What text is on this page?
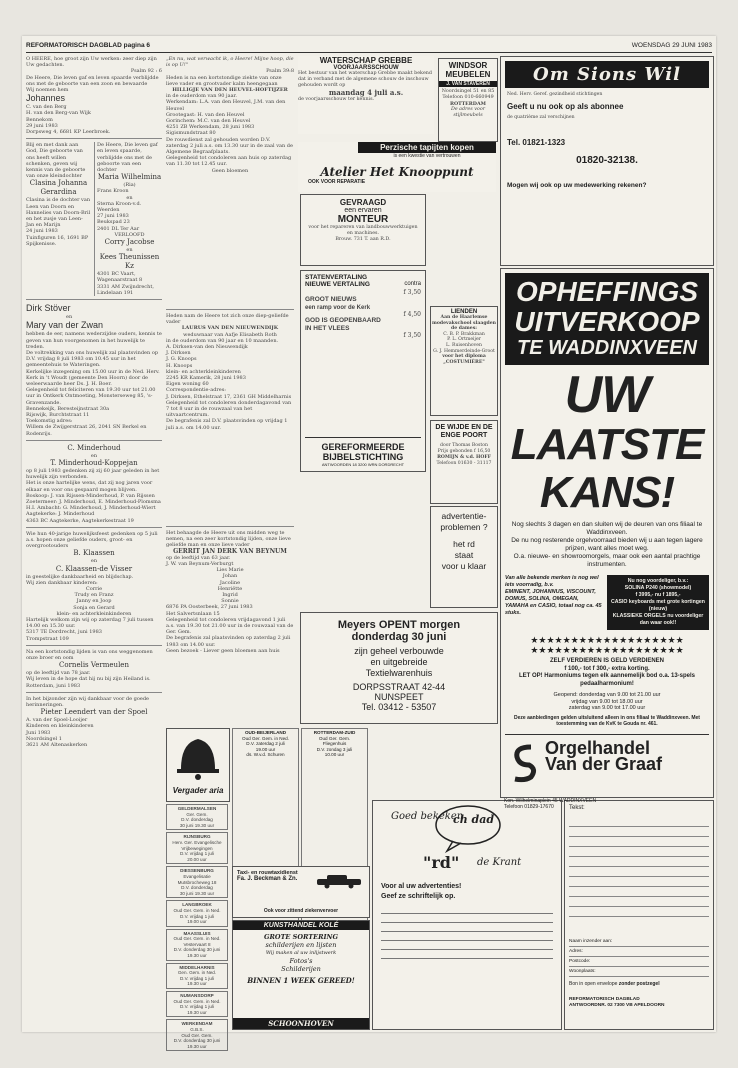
REFORMATORISCH DAGBLAD pagina 6	WOENSDAG 29 JUNI 1983
O HEERE, hoe groot zijn Uw werken: zeer diep zijn Uw gedachten.
Psalm 92 : 6
De Heere, Die leven gaf en leven spaarde verblijdde ons met de geboorte van een zoon en bewaarde
Wij noemen hem
Johannes
C. van den Berg
H. van den Berg-van Wijk
Bennekom
29 juni 1983
Dorpsweg 4, 6681 KP Leerbroek.
Blij en met dank aan God, Die geboorte van ons heeft willen schenken, geven wij kennis van de geboorte van onze kleindochter
Clasina Johanna Gerardina
Clasina is de dochter van Leen van Doorn en Hannelies van Doorn-Bril
en het zusje van Leen-Jan en Marijn
24 juni 1983
Tuinfiguren 16, 1691 BP Spijkenisse.
De Heere, Die leven gaf en leven spaarde, verblijdde ons met de geboorte van een dochter
Maria Wilhelmina
(Ria)
Frans Kroon
en
Sterna Kroon-v.d. Weerden
27 juni 1983
Beukspad 23
2401 DL Ter Aar
VERLOOFD
Corry Jacobse
en
Kees Theunissen Kz
4301 BC Vaart, Wagenaarstraat 8
3331 AM Zwijndrecht, Lindelaan 191
Dirk Stöver
en
Mary van der Zwan
hebben de eer, namens wederzijdse ouders, kennis te geven van hun voorgenomen in het huwelijk te treden.
De voltrekking van ons huwelijk zal plaatsvinden op D.V. vrijdag 8 juli 1983 om 10.45 uur in het gemeentehuis te Wateringen.
Kerkelijke inzegening om 15.00 uur in de Ned. Herv. Kerk in 't Woudt (gemeente Den Hoorn) door de weleerwaarde heer Ds. J. H. Boer.
Gelegenheid tot feliciteren van 19.30 uur tot 21.00 uur in Ontkerk Ontmoeting, Monsterseweg 85, 's-Gravenzande.
Bennekeijk, Beresteijnstraat 30a
Rijswijk, Burchtstraat 11
Toekomstig adres:
Willem de Zwijgerstraat 26, 2041 SN Berkel en Rodenrijs.
C. Minderhoud
en
T. Minderhoud-Koppejan
op 8 juli 1983 gedenken zij zij 60 jaar geleden in het huwelijk zijn verbonden.
Het is onze hartelijke wens, dat zij nog jaren voor elkaar en voor ons gespaard mogen blijven.
Boskoop: J. van Rijssen-Minderhoud, P. van Rijssen
Zoetermeer: J. Minderhoud, E. Minderhoud-Plomsma
H.I. Ambacht: G. Minderhoud, J. Minderhoud-Wiert
Aagtekerke: J. Minderhoud
4363 BC Aagtekerke, Aagtekerkestraat 19
Wie hun 40-jarige huwelijksfeest gedenken op 5 juli a.s. hopen onze geliefde ouders, groot- en overgrootouders
B. Klaassen
en
C. Klaassen-de Visser
in geestelijke dankbaarheid en blijdschap.
Wij zien dankbaar kinderen:
Corrie
Trudy en Franz
Janny en Joop
Sonja en Gerard
klein- en achterkleinkinderen
Hartelijk welkom zijn wij op zaterdag 7 juli tussen 14.00 en 15.30 uur.
5317 TE Dordrecht, juni 1983
Trompstraat 109
Na een kortstondig lijden is van ons weggenomen onze broer en oom
Cornelis Vermeulen
op de leeftijd van 78 jaar.
Wij leven in de hope dat hij nu bij zijn Heiland is.
Rotterdam, juni 1983
In het bijzonder zijn wij dankbaar voor de goede herinneringen.
Pieter Leendert van der Spoel
A. van der Spoel-Looijer
Kinderen en kleinkinderen
Juni 1983
Noordsingel 1
3621 AM Altenaskerken
„En nu, wat verwacht ik, o Heere! Mijne hoop, die is op U!"
Psalm 39:8
Heden is na een kortstondige ziekte van onze lieve vader en grootvader kalm heengegaan
HILLIGJE VAN DEN HEUVEL-HOFTIJZER
in de ouderdom van 90 jaar.
Werkendam: L.A. van den Heuvel, J.M. van den Heuvel
Grootegast: H. van den Heuvel
Gorinchem: M.C. van den Heuvel
4251 ZB Werkendam, 28 juni 1983
Sigismundstraat 80
De rouwdienst zal gehouden worden D.V. zaterdag 2 juli a.s. om 13.30 uur in de zaal van de Algemene Begraafplaats.
Gelegenheid tot condoleren aan huis op zaterdag van 11.30 tot 12.45 uur.
Geen bloemen
Heden nam de Heere tot zich onze diep-geliefde vader
LAURUS VAN DEN NIEUWENDIJK
weduwnaar van Aafje Elisabeth Roth
in de ouderdom van 90 jaar en 10 maanden.
A. Dirksen-van den Nieuwendijk
J. Dirksen
J. G. Knoops
H. Knoops
klein- en achterkleinkinderen
2245 KR Kamerik, 28 juni 1983
Eigen woning 60
Correspondentie-adres:
J. Dirksen, Ethelstraat 17, 2361 GH Middelharnis
Gelegenheid tot condoleren donderdagavond van 7 tot 8 uur in de rouwzaal van het uitvaartcentrum.
De begrafenis zal D.V. plaatsvinden op vrijdag 1 juli a.s. om 14.00 uur.
Het behaagde de Heere uit ons midden weg te nemen, na een zeer kortstondig lijden, onze lieve geliefde man en onze lieve vader
GERRIT JAN DERK VAN BEYNUM
op de leeftijd van 63 jaar.
J. W. van Beynum-Verburgt
Lies Marie
Johan
Jacoline
Henriëtte
Ingrid
Sonnie
6876 PA Oosterbeek, 27 juni 1983
Het Salvertsnlaan 15
Gelegenheid tot condoleren vrijdagavond 1 juli a.s. van 19.30 tot 21.00 uur in de rouwzaal van de Ger. Gem.
De begrafenis zal plaatsvinden op zaterdag 2 juli 1983 om 14.00 uur.
Geen bezoek - Liever geen bloemen aan huis
Vergader aria
OUD-BEIJERLAND
Oud Ger. Gem. in Ned.
D.V. zaterdag 2 juli
19.00 uur
ds. W.v.d. Schuren
ROTTERDAM-ZUID
Oud Ger. Gem.
Fliegenhuis
D.V. zondag 3 juli
10.00 uur
GELDERMALSEN
Ger. Gem.
D.V. donderdag
30 juni 19.30 uur
RIJNSBURG
Herv. Ger. Evangelische Vrijbewegingen
D.V. vrijdag 1 juli
20.00 uur
DIESSENBURG
Evangelisatie
Mutsbrocheweg 18
D.V. donderdag
30 juni 19.30 uur
LANGBROEK
Oud Ger. Gem. in Ned.
D.V. vrijdag 1 juli
19.00 uur
MAASSLUIS
Oud Ger. Gem. in Ned.
Vestervaart 8
D.V. donderdag 30 juni
19.30 uur
MIDDELHARNIS
Gen. Gem. in Ned.
D.V. vrijdag 1 juli
19.30 uur
NUMANSDORP
Oud Ger. Gem. in Ned.
D.V. vrijdag 1 juli
19.30 uur
WERKENDAM
G.B.S.
Oud Ger. Gem.
D.V. donderdag 30 juni
19.30 uur
WATERSCHAP GREBBE
VOORJAARSSCHOUW
Het bestuur van het waterschap Grebbe maakt bekend dat in verband met de algemene schouw de inschouw gehouden wordt op
maandag 4 juli a.s.
de voorjaarsschouw ter kennis.
WINDSOR MEUBELEN
J. VAN STAVEREN
Noordsingel 51 en 85
Telefoon 010-660949
ROTTERDAM
De adres voor stijlmeubels
Perzische tapijten kopen
is een kwestie van vertrouwen
Atelier Het Knooppunt
OOK VOOR REPARATIE
GEVRAAGD
een ervaren
MONTEUR
voor het repareren van landbouwwerktuigen en machines.
Brouw. 731 T. aan R.D.
STATENVERTALING
NIEUWE VERTALING	contra
f 3,50
GROOT NIEUWS
een ramp voor de Kerk
f 4,50
GOD IS GEOPENBAARD
IN HET VLEES
f 3,50
GEREFORMEERDE
BIJBELSTICHTING
ANTWOORDEN 18 3200 WRN DORDRECHT
LIENDEN
Aan de Haarlemse modevakschool slaagden de dames:
C. B. P. Brakkman
P. L. Ortmeijer
L. Ruisenhoven
G. J. Hemmerdeinde-Groot
voor het diploma „COSTUMIÈRE"
DE WIJDE EN DE ENGE POORT
door Thomas Boston
Prijs gebonden f 16,50
ROMIJN & v.d. HOFF
Telefoon 01630 - 31117
advertentie-
problemen ?
het rd
staat
voor u klaar
Meyers OPENT morgen
donderdag 30 juni
zijn geheel verbouwde
en uitgebreide
Textielwarenhuis
DORPSSTRAAT 42-44
NUNSPEET
Tel. 03412 - 53507
Taxi- en rouwtaxidienst
Fa. J. Beckman & Zn.
Ook voor zittend ziekenvervoer
KUNSTHANDEL KOLÉ
GROTE SORTERING
schilderijen en lijsten
Wij maken al uw inlijstwerk
Fotos's
Schilderijen
BINNEN 1 WEEK GEREED!
SCHOONHOVEN
Goed bekeken
ch dad
"rd" de Krant
Voor al uw advertenties!
Geef ze schriftelijk op.
Tekst:
Naam inzender aan:
Adres:
Postcode:
Woonplaats:
Bon in open envelope zonder postzegel
REFORMATORISCH DAGBLAD
ANTWOORDNR. 02 7300 VB APELDOORN
Om Sions Wil
Ned. Herv. Geref. gezindheid stichtingen
Geeft u nu ook op als abonnee
de quatrième zal verschijnen
Tel. 01821-1323
01820-32138.
Mogen wij ook op uw medewerking rekenen?
OPHEFFINGS
UITVERKOOP
TE WADDINXVEEN
UW
LAATSTE
KANS!
Nog slechts 3 dagen en dan sluiten wij de deuren van ons filiaal te Waddinxveen.
De nu nog resterende orgelvoorraad bieden wij u aan tegen lagere prijzen, want alles moet weg.
O.a. nieuwe- en showroomorgels, maar ook een aantal prachtige instrumenten.
Van alle bekende merken is nog wel iets voorradig, b.v.
EMINENT, JOHANNUS, VISCOUNT, DOMUS, SOLINA, OMEGAN, YAMAHA en CASIO, totaal nog ca. 45 stuks.
Nu nog voordeliger, b.v.:
SOLINA P240 (showmodel)
f 3995,- nu f 1895,-
CASIO keyboards met grote kortingen (nieuw)
KLASSIEKE ORGELS nu voordeliger dan waar ook!!
★★★★★★★★★★★★★★★★★★★
★★★★★★★★★★★★★★★★★★★
ZELF VERDIEREN IS GELD VERDIENEN
f 100,- tot f 300,- extra korting.
LET OP! Harmoniums tegen elk aannemelijk bod o.a. 13-spels pedaalharmonium!
Geopend: donderdag van 9.00 tot 21.00 uur
vrijdag van 9.00 tot 18.00 uur
zaterdag van 9.00 tot 17.00 uur
Deze aanbiedingen gelden uitsluitend alleen in ons filiaal te Waddinxveen. Met toestemming van de KvK te Gouda nr. 461.
Orgelhandel
Van der Graaf
Kon. Wilhelminaplein 45 WADDINXVEEN
Telefoon 01829-17670
